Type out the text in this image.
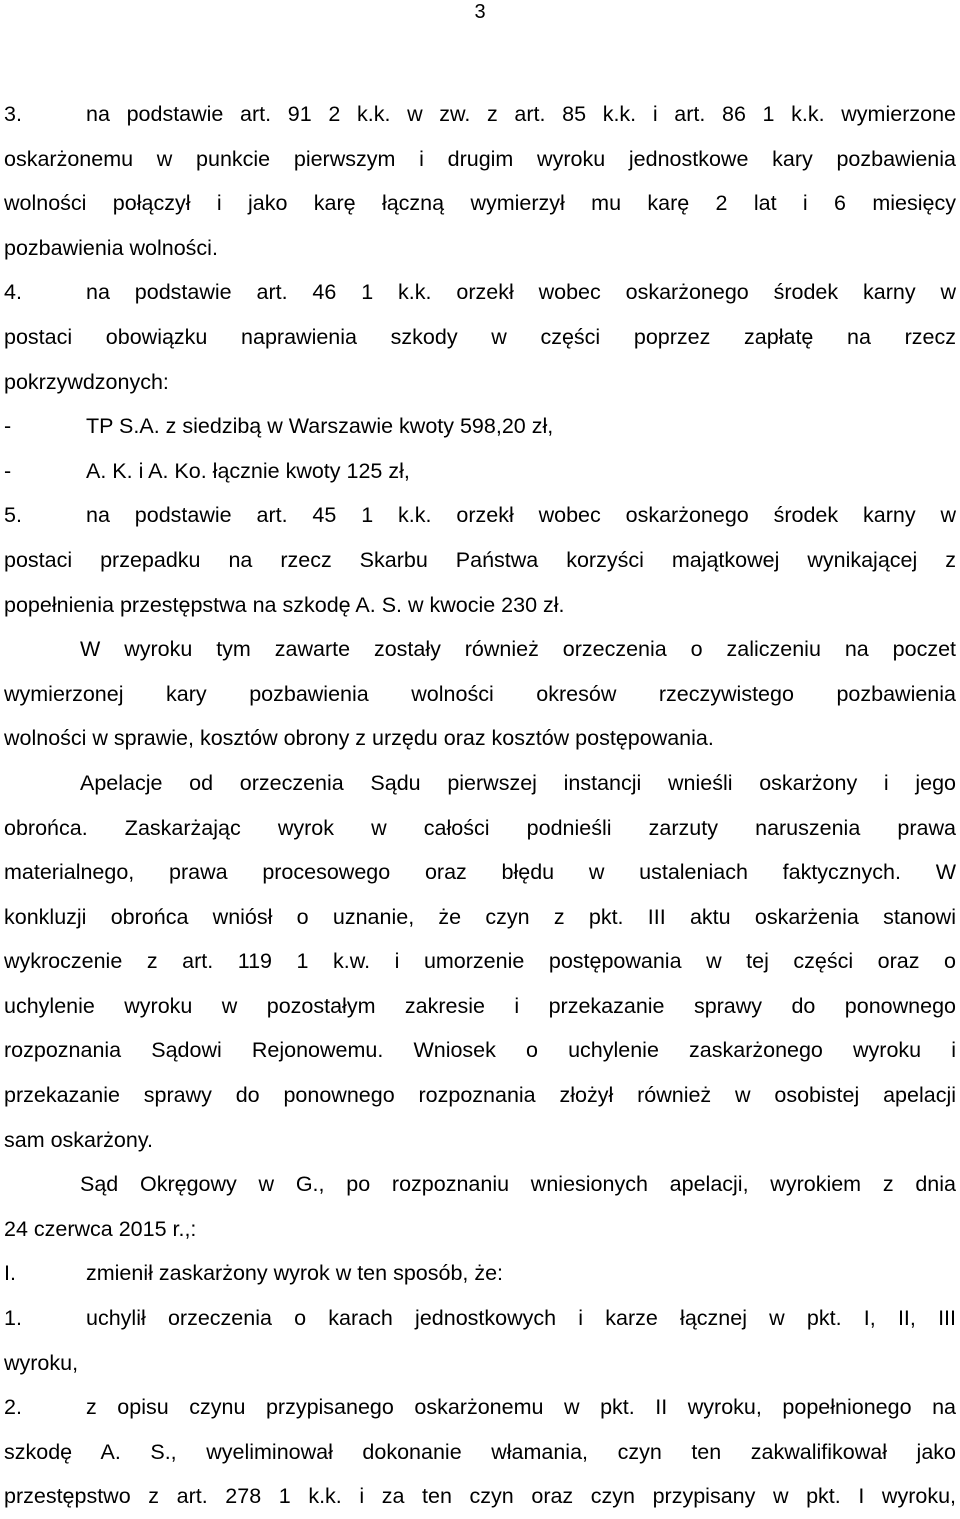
3
3.	na podstawie art. 91 2 k.k. w zw. z art. 85 k.k. i art. 86 1 k.k. wymierzone

oskarżonemu w punkcie pierwszym i drugim wyroku jednostkowe kary pozbawienia

wolności połączył i jako karę łączną wymierzył mu karę 2 lat i 6 miesięcy

pozbawienia wolności.

4.	na podstawie art. 46 1 k.k. orzekł wobec oskarżonego środek karny w

postaci obowiązku naprawienia szkody w części poprzez zapłatę na rzecz

pokrzywdzonych:

-	TP S.A. z siedzibą w Warszawie kwoty 598,20 zł,
-	A. K. i A. Ko. łącznie kwoty 125 zł,
5.	na podstawie art. 45 1 k.k. orzekł wobec oskarżonego środek karny w

postaci przepadku na rzecz Skarbu Państwa korzyści majątkowej wynikającej z

popełnienia przestępstwa na szkodę A. S. w kwocie 230 zł.

W wyroku tym zawarte zostały również orzeczenia o zaliczeniu na poczet

wymierzonej kary pozbawienia wolności okresów rzeczywistego pozbawienia

wolności w sprawie, kosztów obrony z urzędu oraz kosztów postępowania.

Apelacje od orzeczenia Sądu pierwszej instancji wnieśli oskarżony i jego

obrońca. Zaskarżając wyrok w całości podnieśli zarzuty naruszenia prawa

materialnego, prawa procesowego oraz błędu w ustaleniach faktycznych. W

konkluzji obrońca wniósł o uznanie, że czyn z pkt. III aktu oskarżenia stanowi

wykroczenie z art. 119 1 k.w. i umorzenie postępowania w tej części oraz o

uchylenie wyroku w pozostałym zakresie i przekazanie sprawy do ponownego

rozpoznania Sądowi Rejonowemu. Wniosek o uchylenie zaskarżonego wyroku i

przekazanie sprawy do ponownego rozpoznania złożył również w osobistej apelacji

sam oskarżony.

Sąd Okręgowy w G., po rozpoznaniu wniesionych apelacji, wyrokiem z dnia

24 czerwca 2015 r.,:

I.	zmienił zaskarżony wyrok w ten sposób, że:
1.	uchylił orzeczenia o karach jednostkowych i karze łącznej w pkt. I, II, III

wyroku,

2.	z opisu czynu przypisanego oskarżonemu w pkt. II wyroku, popełnionego na

szkodę A. S., wyeliminował dokonanie włamania, czyn ten zakwalifikował jako

przestępstwo z art. 278 1 k.k. i za ten czyn oraz czyn przypisany w pkt. I wyroku,
